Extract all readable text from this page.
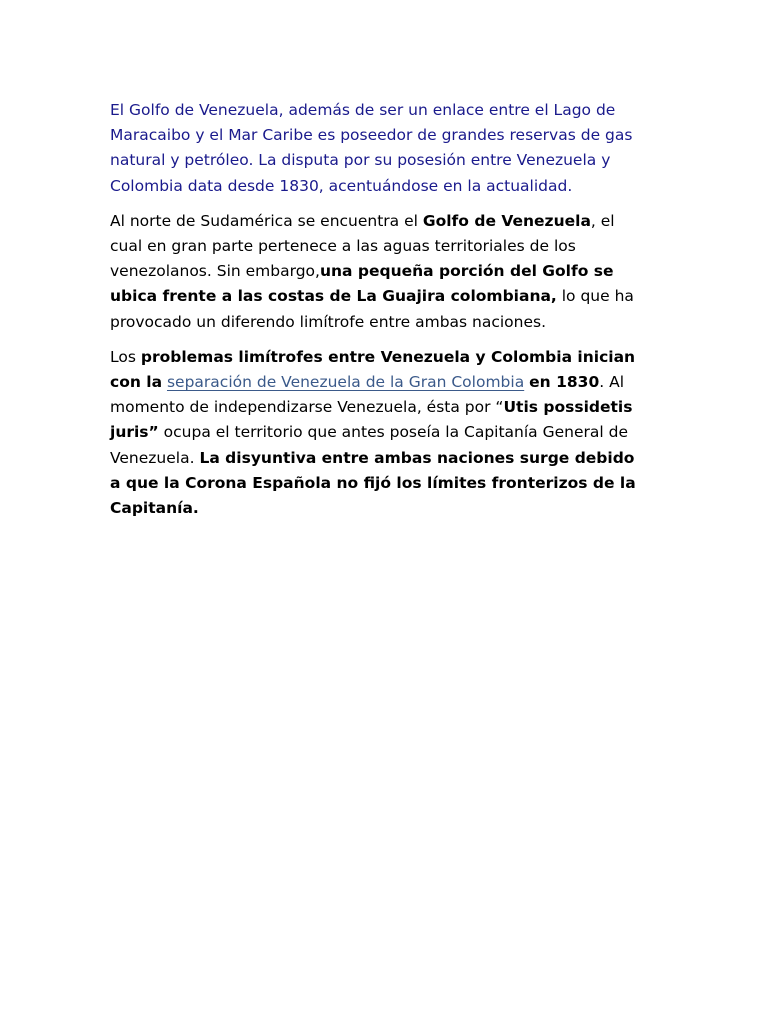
El Golfo de Venezuela, además de ser un enlace entre el Lago de Maracaibo y el Mar Caribe es poseedor de grandes reservas de gas natural y petróleo. La disputa por su posesión entre Venezuela y Colombia data desde 1830, acentuándose en la actualidad.

Al norte de Sudamérica se encuentra el Golfo de Venezuela, el cual en gran parte pertenece a las aguas territoriales de los venezolanos. Sin embargo,una pequeña porción del Golfo se ubica frente a las costas de La Guajira colombiana, lo que ha provocado un diferendo limítrofe entre ambas naciones.

Los problemas limítrofes entre Venezuela y Colombia inician con la separación de Venezuela de la Gran Colombia en 1830. Al momento de independizarse Venezuela, ésta por “Utis possidetis juris” ocupa el territorio que antes poseía la Capitanía General de Venezuela. La disyuntiva entre ambas naciones surge debido a que la Corona Española no fijó los límites fronterizos de la Capitanía.
